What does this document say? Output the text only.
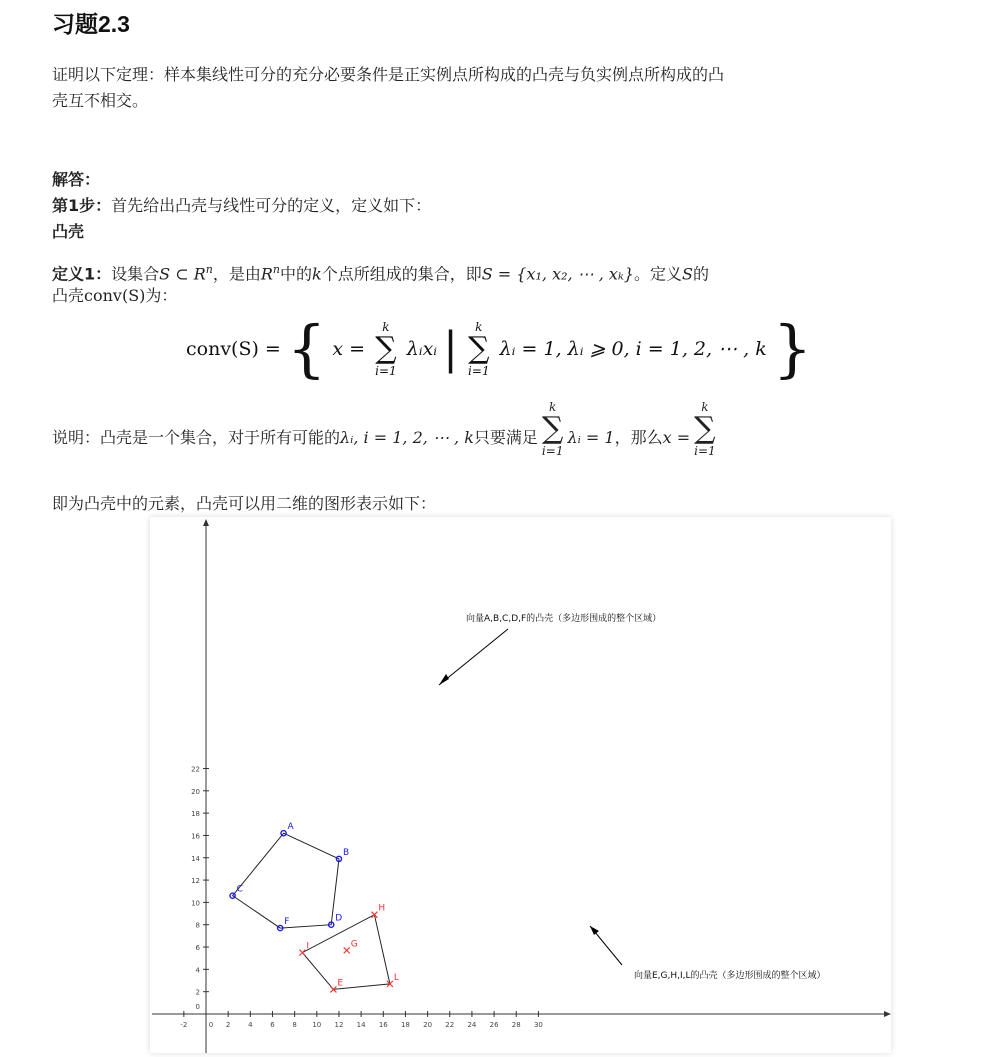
习题2.3
证明以下定理：样本集线性可分的充分必要条件是正实例点所构成的凸壳与负实例点所构成的凸
壳互不相交。
解答：
第1步：首先给出凸壳与线性可分的定义，定义如下：
凸壳
定义1：设集合S ⊂ $R^n$，是由$R^n$中的k个点所组成的集合，即S = {x₁, x₂, ⋯ , xₖ}。定义S的
凸壳conv(S)为：
conv(S) = { x =
k
∑
i=1
λᵢxᵢ |	k
∑
i=1
λᵢ = 1, λᵢ ⩾ 0, i = 1, 2, ⋯ , k }
说明：凸壳是一个集合，对于所有可能的λᵢ, i = 1, 2, ⋯ , k只要满足
k
∑
i=1
λᵢ = 1，那么x =
k
∑
i=1
即为凸壳中的元素，凸壳可以用二维的图形表示如下：
-2	0 2	4	6	8 10 12 14 16 18 20 22 24 26 28 30
0
2
4
6
8
10
12
14
16
18
20
22
A
B
C
D
F
H
G
I
L
E
向量A,B,C,D,F的凸壳（多边形围成的整个区域）
向量E,G,H,I,L的凸壳（多边形围成的整个区域）
